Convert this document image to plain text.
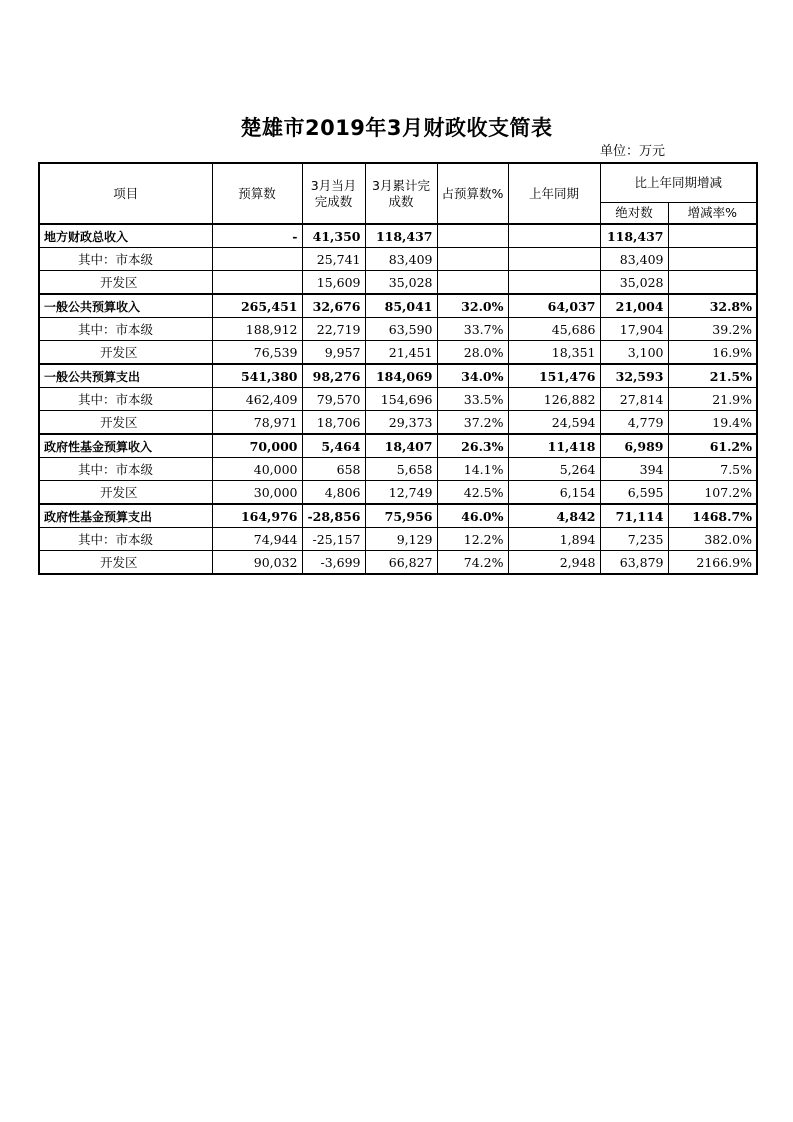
楚雄市2019年3月财政收支简表
单位：万元
项目	预算数	3月当月完成数	3月累计完成数	占预算数%	上年同期	比上年同期增减	
						绝对数	增减率%
地方财政总收入	-	41,350	118,437			118,437	
其中：市本级		25,741	83,409			83,409	
开发区		15,609	35,028			35,028	
一般公共预算收入	265,451	32,676	85,041	32.0%	64,037	21,004	32.8%
其中：市本级	188,912	22,719	63,590	33.7%	45,686	17,904	39.2%
开发区	76,539	9,957	21,451	28.0%	18,351	3,100	16.9%
一般公共预算支出	541,380	98,276	184,069	34.0%	151,476	32,593	21.5%
其中：市本级	462,409	79,570	154,696	33.5%	126,882	27,814	21.9%
开发区	78,971	18,706	29,373	37.2%	24,594	4,779	19.4%
政府性基金预算收入	70,000	5,464	18,407	26.3%	11,418	6,989	61.2%
其中：市本级	40,000	658	5,658	14.1%	5,264	394	7.5%
开发区	30,000	4,806	12,749	42.5%	6,154	6,595	107.2%
政府性基金预算支出	164,976	-28,856	75,956	46.0%	4,842	71,114	1468.7%
其中：市本级	74,944	-25,157	9,129	12.2%	1,894	7,235	382.0%
开发区	90,032	-3,699	66,827	74.2%	2,948	63,879	2166.9%
